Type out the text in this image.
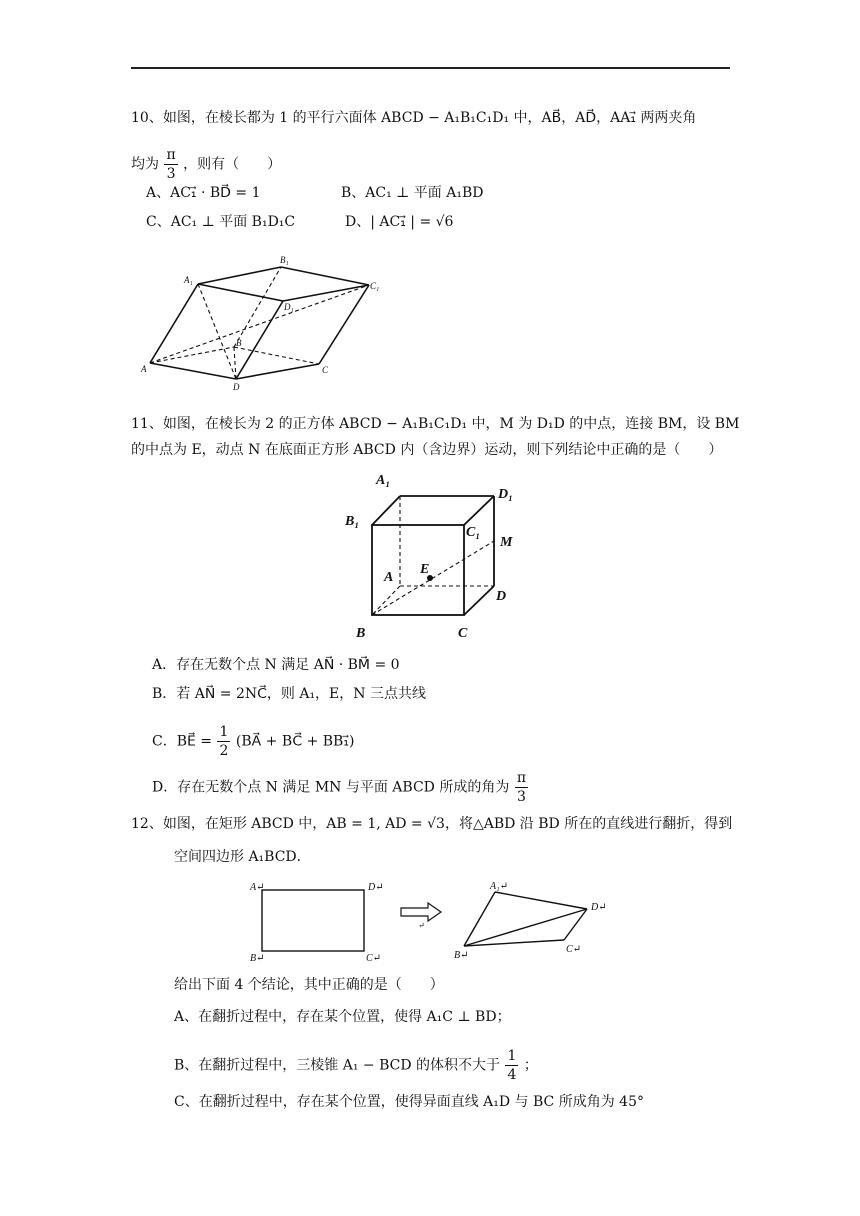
10、如图，在棱长都为 1 的平行六面体 ABCD − A₁B₁C₁D₁ 中，AB⃗，AD⃗，AA₁⃗ 两两夹角
均为 $\frac{\pi}{3}$ ，则有（　　）
A、AC₁⃗ · BD⃗ = 1	B、AC₁ ⊥ 平面 A₁BD
C、AC₁ ⊥ 平面 B₁D₁C	D、| AC₁⃗ | = √6
A
B
C
D
A₁
B₁
C₁
D₁
11、如图，在棱长为 2 的正方体 ABCD − A₁B₁C₁D₁ 中，M 为 D₁D 的中点，连接 BM，设 BM
的中点为 E，动点 N 在底面正方形 ABCD 内（含边界）运动，则下列结论中正确的是（　　）
A₁
D₁
B₁
C₁
M
E
A
D
B	C
A．存在无数个点 N 满足 AN⃗ · BM⃗ = 0
B．若 AN⃗ = 2NC⃗，则 A₁，E，N 三点共线
C．BE⃗ = $\frac{1}{2}$ (BA⃗ + BC⃗ + BB₁⃗)
D．存在无数个点 N 满足 MN 与平面 ABCD 所成的角为 $\frac{\pi}{3}$
12、如图，在矩形 ABCD 中，AB = 1, AD = √3，将△ABD 沿 BD 所在的直线进行翻折，得到
空间四边形 A₁BCD．
A↵	D↵
B↵	C↵
↵
A₁↵
D↵
B↵
C↵
给出下面 4 个结论，其中正确的是（　　）
A、在翻折过程中，存在某个位置，使得 A₁C ⊥ BD；
B、在翻折过程中，三棱锥 A₁ − BCD 的体积不大于 $\frac{1}{4}$ ；
C、在翻折过程中，存在某个位置，使得异面直线 A₁D 与 BC 所成角为 45°
